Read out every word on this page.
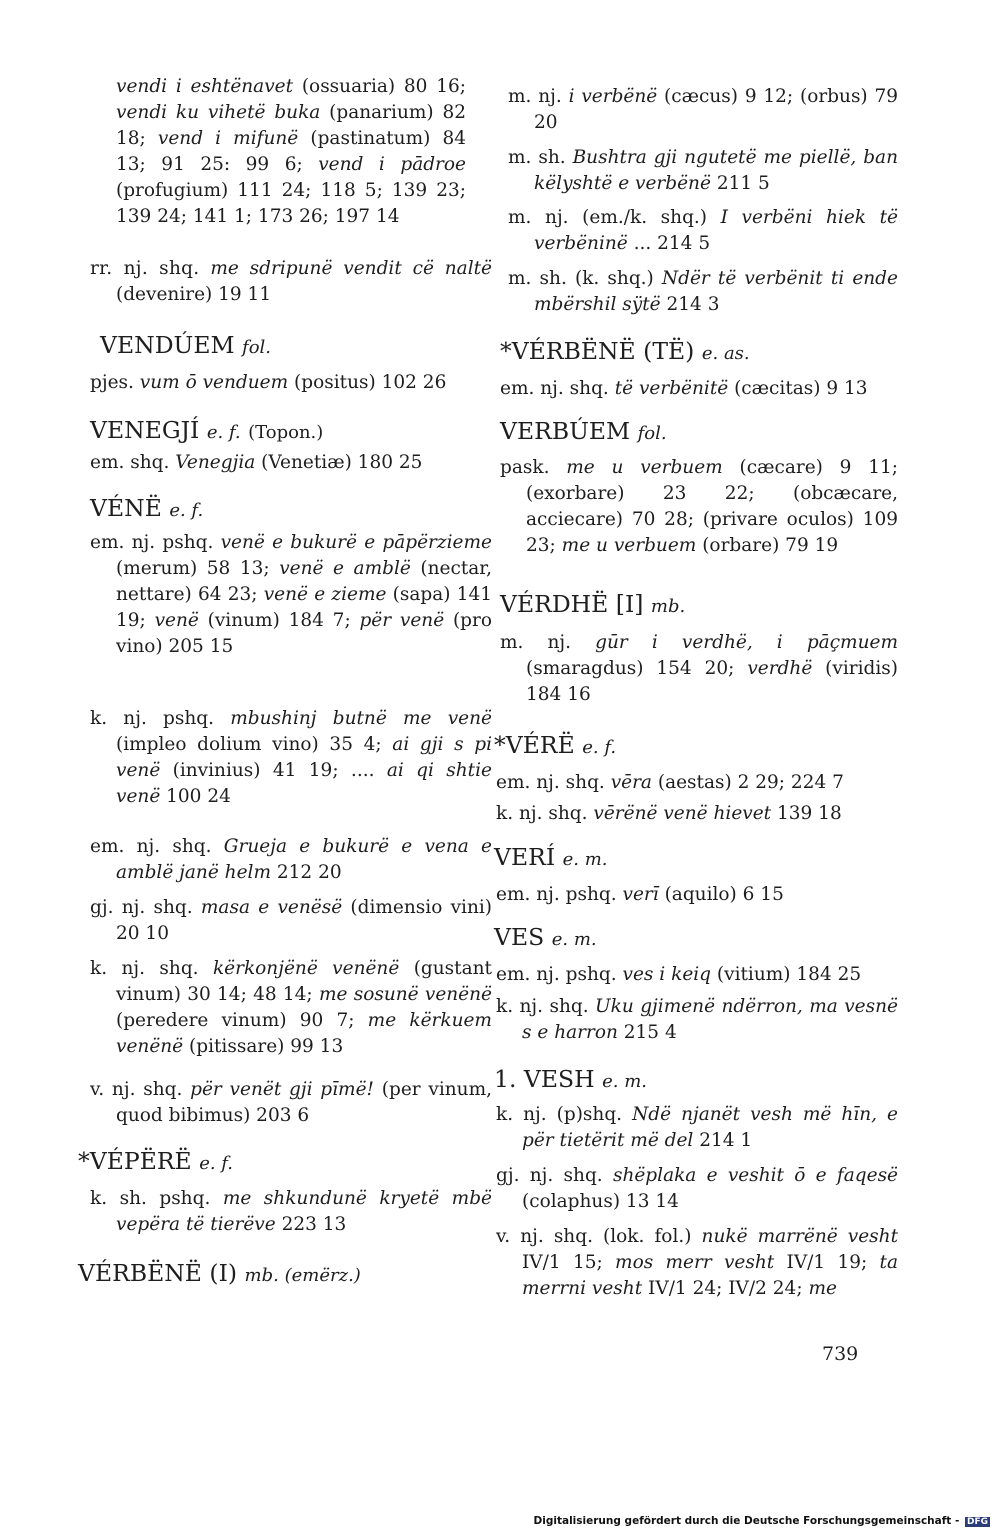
vendi i eshtënavet (ossuaria) 80 16; vendi ku vihetë buka (panarium) 82 18; vend i mifunë (pastinatum) 84 13; 91 25: 99 6; vend i pādroe (profugium) 111 24; 118 5; 139 23; 139 24; 141 1; 173 26; 197 14

rr. nj. shq. me sdripunë vendit cë naltë (devenire) 19 11

VENDÚEM fol.

pjes. vum ō venduem (positus) 102 26

VENEGJÍ e. f. (Topon.)

em. shq. Venegjia (Venetiæ) 180 25

VÉNË e. f.

em. nj. pshq. venë e bukurë e pāpërzieme (merum) 58 13; venë e amblë (nectar, nettare) 64 23; venë e zieme (sapa) 141 19; venë (vinum) 184 7; për venë (pro vino) 205 15

k. nj. pshq. mbushinj butnë me venë (impleo dolium vino) 35 4; ai gji s pi venë (invinius) 41 19; .... ai qi shtie venë 100 24

em. nj. shq. Grueja e bukurë e vena e amblë janë helm 212 20

gj. nj. shq. masa e venësë (dimensio vini) 20 10

k. nj. shq. kërkonjënë venënë (gustant vinum) 30 14; 48 14; me sosunë venënë (peredere vinum) 90 7; me kërkuem venënë (pitissare) 99 13

v. nj. shq. për venët gji pīmë! (per vinum, quod bibimus) 203 6

*VÉPËRË e. f.

k. sh. pshq. me shkundunë kryetë mbë vepëra të tierëve 223 13

VÉRBËNË (I) mb. (emërz.)

m. nj. i verbënë (cæcus) 9 12; (orbus) 79 20

m. sh. Bushtra gji ngutetë me piellë, ban këlyshtë e verbënë 211 5

m. nj. (em./k. shq.) I verbëni hiek të verbëninë ... 214 5

m. sh. (k. shq.) Ndër të verbënit ti ende mbërshil sÿtë 214 3

*VÉRBËNË (TË) e. as.

em. nj. shq. të verbënitë (cæcitas) 9 13

VERBÚEM fol.

pask. me u verbuem (cæcare) 9 11; (exorbare) 23 22; (obcæcare, acciecare) 70 28; (privare oculos) 109 23; me u verbuem (orbare) 79 19

VÉRDHË [I] mb.

m. nj. gūr i verdhë, i pāçmuem (smaragdus) 154 20; verdhë (viridis) 184 16

*VÉRË e. f.

em. nj. shq. vēra (aestas) 2 29; 224 7

k. nj. shq. vērënë venë hievet 139 18

VERÍ e. m.

em. nj. pshq. verī (aquilo) 6 15

VES e. m.

em. nj. pshq. ves i keiq (vitium) 184 25

k. nj. shq. Uku gjimenë ndërron, ma vesnë s e harron 215 4

1. VESH e. m.

k. nj. (p)shq. Ndë njanët vesh më hīn, e për tietërit më del 214 1

gj. nj. shq. shëplaka e veshit ō e faqesë (colaphus) 13 14

v. nj. shq. (lok. fol.) nukë marrënë vesht IV/1 15; mos merr vesht IV/1 19; ta merrni vesht IV/1 24; IV/2 24; me

739
Digitalisierung gefördert durch die Deutsche Forschungsgemeinschaft - DFG
